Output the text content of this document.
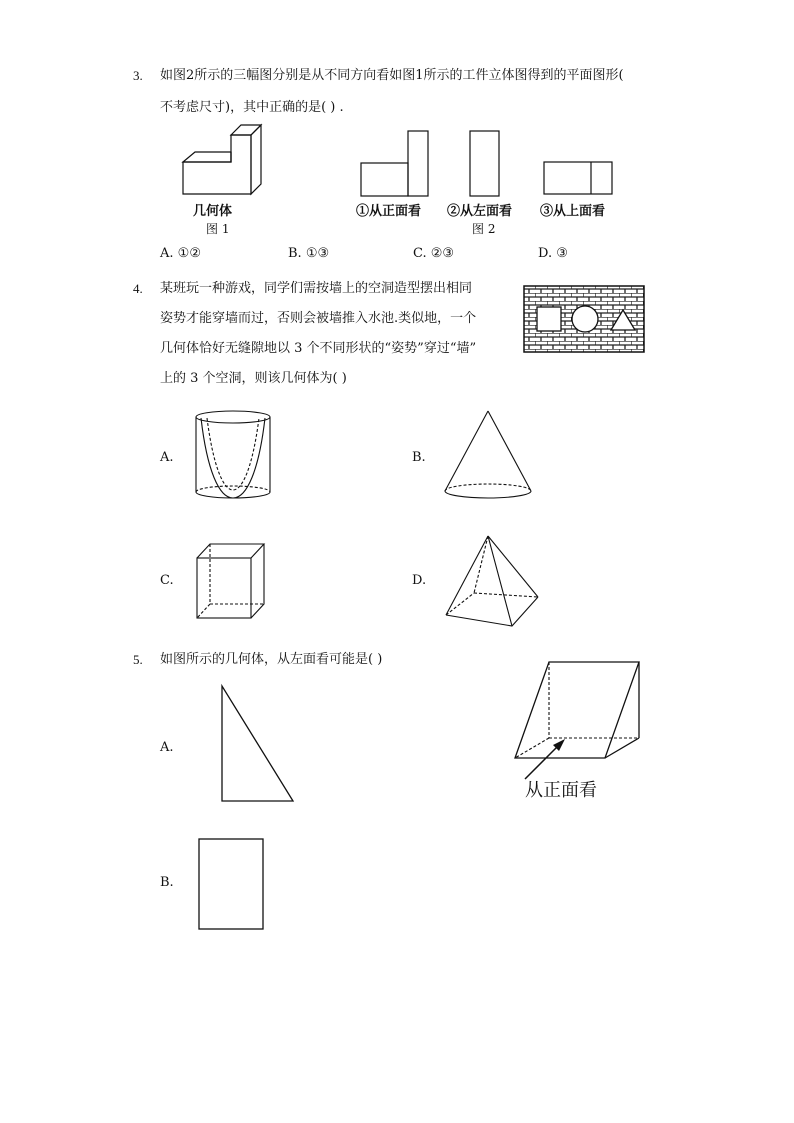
3. 如图2所示的三幅图分别是从不同方向看如图1所示的工件立体图得到的平面图形(
不考虑尺寸)，其中正确的是( ) .
几何体
图 1
①从正面看 ②从左面看 ③从上面看
图 2
A. ①②	B. ①③	C. ②③	D. ③
4. 某班玩一种游戏，同学们需按墙上的空洞造型摆出相同
姿势才能穿墙而过，否则会被墙推入水池.类似地，一个
几何体恰好无缝隙地以 3 个不同形状的“姿势”穿过“墙”
上的 3 个空洞，则该几何体为( )
A.	B.
C.	D.
5. 如图所示的几何体，从左面看可能是( )
从正面看
A.
B.
